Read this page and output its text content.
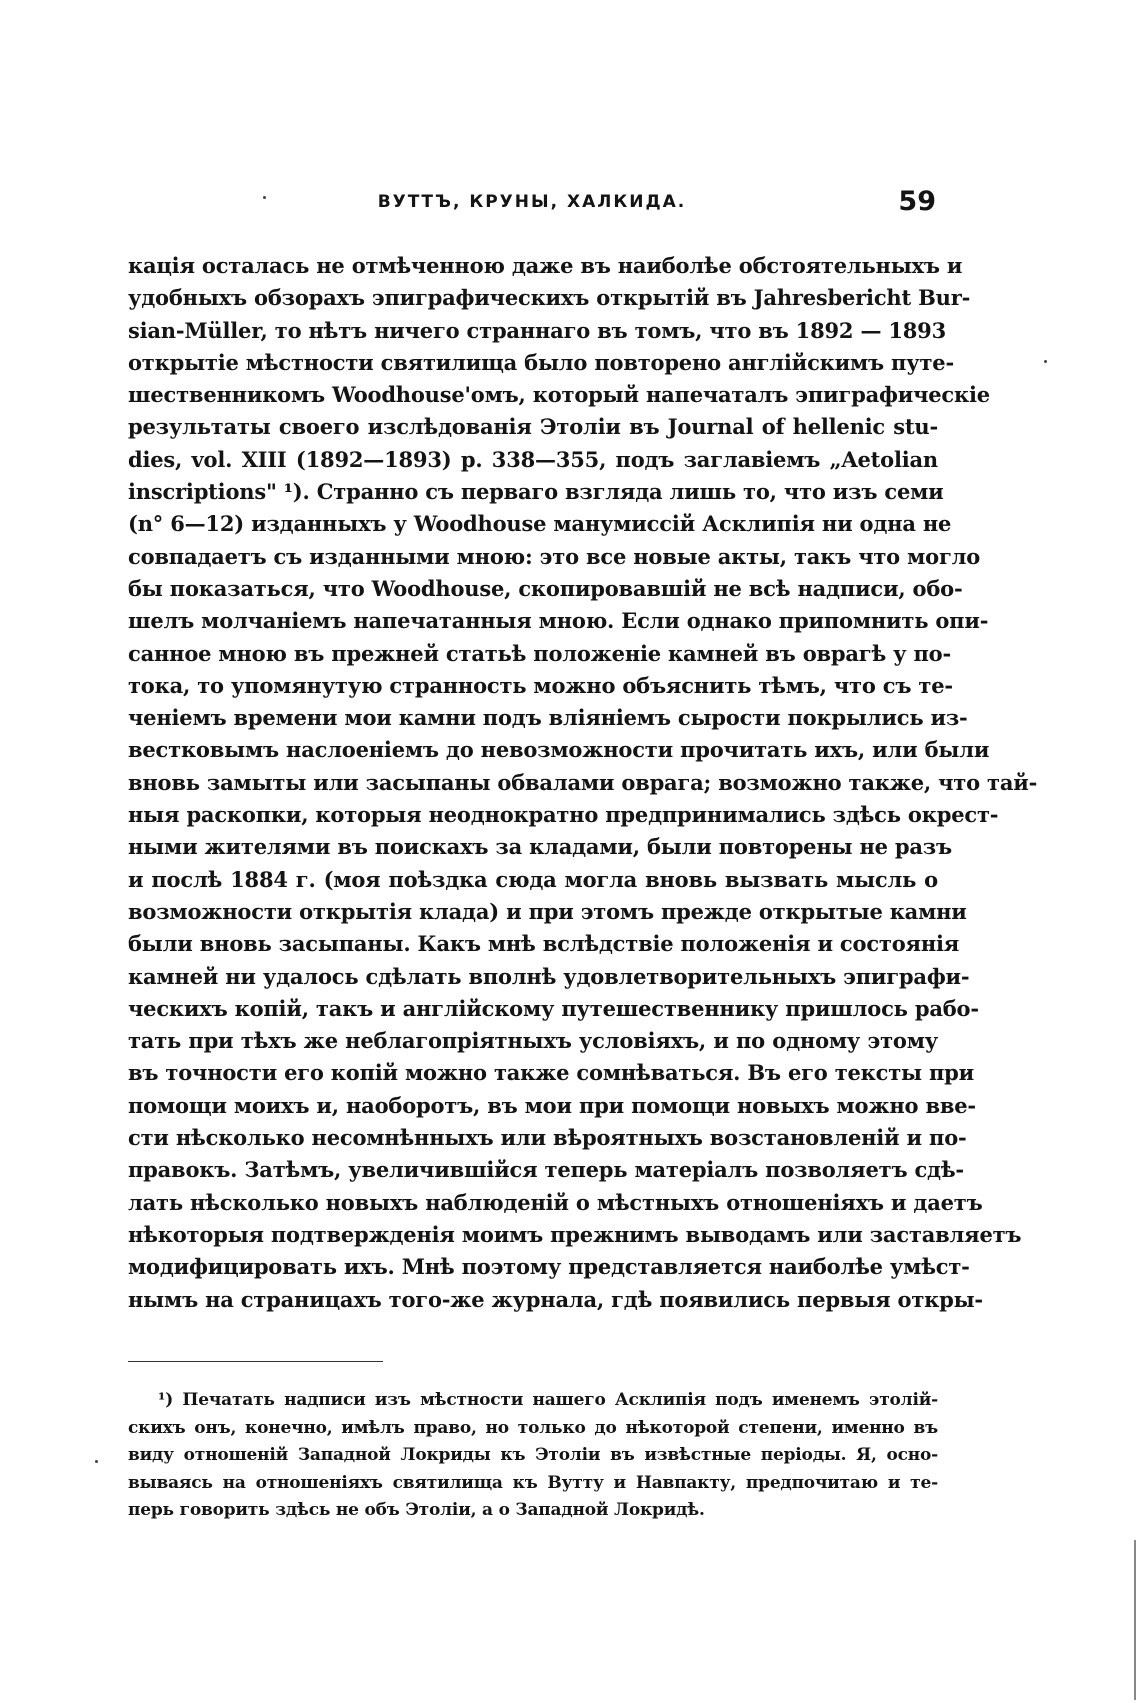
ВУТТЪ, КРУНЫ, ХАЛКИДА.	59
кація осталась не отмѣченною даже въ наиболѣе обстоятельныхъ и
удобныхъ обзорахъ эпиграфическихъ открытій въ Jahresbericht Bur-
sian-Müller, то нѣтъ ничего страннаго въ томъ, что въ 1892 — 1893
открытіе мѣстности святилища было повторено англійскимъ путе-
шественникомъ Woodhouse'омъ, который напечаталъ эпиграфическіе
результаты своего изслѣдованія Этоліи въ Journal of hellenic stu-
dies, vol. XIII (1892—1893) p. 338—355, подъ заглавіемъ „Aetolian
inscriptions" ¹). Странно съ перваго взгляда лишь то, что изъ семи
(n° 6—12) изданныхъ у Woodhouse манумиссій Асклипія ни одна не
совпадаетъ съ изданными мною: это все новые акты, такъ что могло
бы показаться, что Woodhouse, скопировавшій не всѣ надписи, обо-
шелъ молчаніемъ напечатанныя мною. Если однако припомнить опи-
санное мною въ прежней статьѣ положеніе камней въ оврагѣ у по-
тока, то упомянутую странность можно объяснить тѣмъ, что съ те-
ченіемъ времени мои камни подъ вліяніемъ сырости покрылись из-
вестковымъ наслоеніемъ до невозможности прочитать ихъ, или были
вновь замыты или засыпаны обвалами оврага; возможно также, что тай-
ныя раскопки, которыя неоднократно предпринимались здѣсь окрест-
ными жителями въ поискахъ за кладами, были повторены не разъ
и послѣ 1884 г. (моя поѣздка сюда могла вновь вызвать мысль о
возможности открытія клада) и при этомъ прежде открытые камни
были вновь засыпаны. Какъ мнѣ вслѣдствіе положенія и состоянія
камней ни удалось сдѣлать вполнѣ удовлетворительныхъ эпиграфи-
ческихъ копій, такъ и англійскому путешественнику пришлось рабо-
тать при тѣхъ же неблагопріятныхъ условіяхъ, и по одному этому
въ точности его копій можно также сомнѣваться. Въ его тексты при
помощи моихъ и, наоборотъ, въ мои при помощи новыхъ можно вве-
сти нѣсколько несомнѣнныхъ или вѣроятныхъ возстановленій и по-
правокъ. Затѣмъ, увеличившійся теперь матеріалъ позволяетъ сдѣ-
лать нѣсколько новыхъ наблюденій о мѣстныхъ отношеніяхъ и даетъ
нѣкоторыя подтвержденія моимъ прежнимъ выводамъ или заставляетъ
модифицировать ихъ. Мнѣ поэтому представляется наиболѣе умѣст-
нымъ на страницахъ того-же журнала, гдѣ появились первыя откры-
¹) Печатать надписи изъ мѣстности нашего Асклипія подъ именемъ этолій-
скихъ онъ, конечно, имѣлъ право, но только до нѣкоторой степени, именно въ
виду отношеній Западной Локриды къ Этоліи въ извѣстные періоды. Я, осно-
вываясь на отношеніяхъ святилища къ Вутту и Навпакту, предпочитаю и те-
перь говорить здѣсь не объ Этоліи, а о Западной Локридѣ.
